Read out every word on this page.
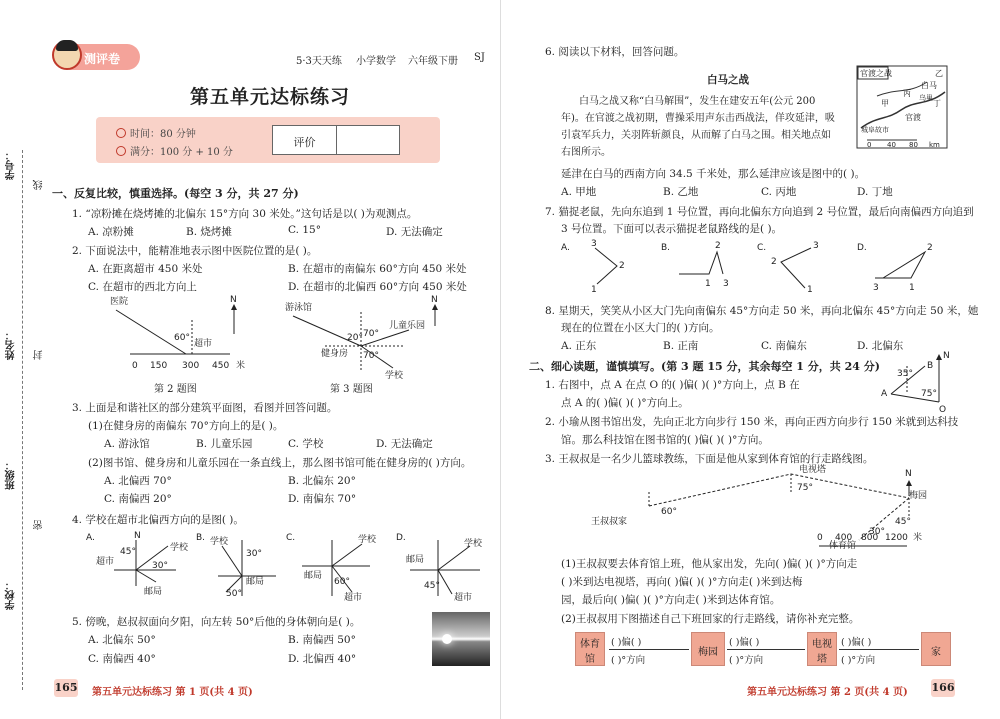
学号：
姓名：
班级：
学校：
线
封
密
测评卷	5·3天天练 小学数学 六年级下册 SJ
第五单元达标练习
时间：80 分钟
满分：100 分 + 10 分
评价
一、反复比较，慎重选择。(每空 3 分，共 27 分)
1. “凉粉摊在烧烤摊的北偏东 15°方向 30 米处。”这句话是以( )为观测点。
A. 凉粉摊	B. 烧烤摊	C. 15°	D. 无法确定
2. 下面说法中，能精准地表示图中医院位置的是( )。
A. 在距离超市 450 米处	B. 在超市的南偏东 60°方向 450 米处
C. 在超市的西北方向上	D. 在超市的北偏西 60°方向 450 米处
N
医院
超市
60°
0 150 300 450 米
第 2 题图
N
游泳馆
儿童乐园
健身房
学校
70°
20°
70°
第 3 题图
3. 上面是和谐社区的部分建筑平面图，看图并回答问题。
(1)在健身房的南偏东 70°方向上的是( )。
A. 游泳馆	B. 儿童乐园	C. 学校	D. 无法确定
(2)图书馆、健身房和儿童乐园在一条直线上，那么图书馆可能在健身房的( )方向。
A. 北偏西 70°	B. 北偏东 20°
C. 南偏西 20°	D. 南偏东 70°
4. 学校在超市北偏西方向的是图( )。
A.	N
学校
超市
邮局
45°
30°
B. 学校
邮局
30°
50°
C.	学校
邮局
超市
60°
D.
学校
邮局
超市
45°
5. 傍晚，赵叔叔面向夕阳，向左转 50°后他的身体朝向是( )。
A. 北偏东 50°	B. 南偏西 50°
C. 南偏西 40°	D. 北偏西 40°
165 第五单元达标练习 第 1 页(共 4 页)
6. 阅读以下材料，回答问题。
白马之战
白马之战又称“白马解围”，发生在建安五年(公元 200
年)。在官渡之战初期，曹操采用声东击西战法，佯攻延津，吸
引袁军兵力，关羽阵斩颜良，从而解了白马之围。相关地点如
右图所示。
官渡之战	乙
白马
甲
丙
丁
官渡
乌巢
城阜故市
0 40 80 km
延津在白马的西南方向 34.5 千米处，那么延津应该是图中的( )。
A. 甲地	B. 乙地	C. 丙地	D. 丁地
7. 猫捉老鼠，先向东追到 1 号位置，再向北偏东方向追到 2 号位置，最后向南偏西方向追到
3 号位置。下面可以表示猫捉老鼠路线的是( )。
A. 3
2
1
B.	2
1 3
C.	3
2
1
D.	2
3	1
8. 星期天，笑笑从小区大门先向南偏东 45°方向走 50 米，再向北偏东 45°方向走 50 米，她
现在的位置在小区大门的( )方向。
A. 正东	B. 正南	C. 南偏东	D. 北偏东
二、细心读题，谨慎填写。(第 3 题 15 分，其余每空 1 分，共 24 分)
1. 右图中，点 A 在点 O 的( )偏( )( )°方向上，点 B 在
点 A 的( )偏( )( )°方向上。
N
B
A
O
35°
75°
2. 小瑜从图书馆出发，先向正北方向步行 150 米，再向正西方向步行 150 米就到达科技
馆。那么科技馆在图书馆的( )偏( )( )°方向。
3. 王叔叔是一名少儿篮球教练，下面是他从家到体育馆的行走路线图。
电视塔
梅园
王叔叔家
体育馆
60°
75°
45°
30°
N
0 400 800 1200 米
(1)王叔叔要去体育馆上班，他从家出发，先向( )偏( )( )°方向走
( )米到达电视塔，再向( )偏( )( )°方向走( )米到达梅
园，最后向( )偏( )( )°方向走( )米到达体育馆。
(2)王叔叔用下图描述自己下班回家的行走路线，请你补充完整。
体育馆
( )偏( )
( )°方向
梅园
( )偏( )
( )°方向
电视塔
( )偏( )
( )°方向
家
第五单元达标练习 第 2 页(共 4 页) 166
